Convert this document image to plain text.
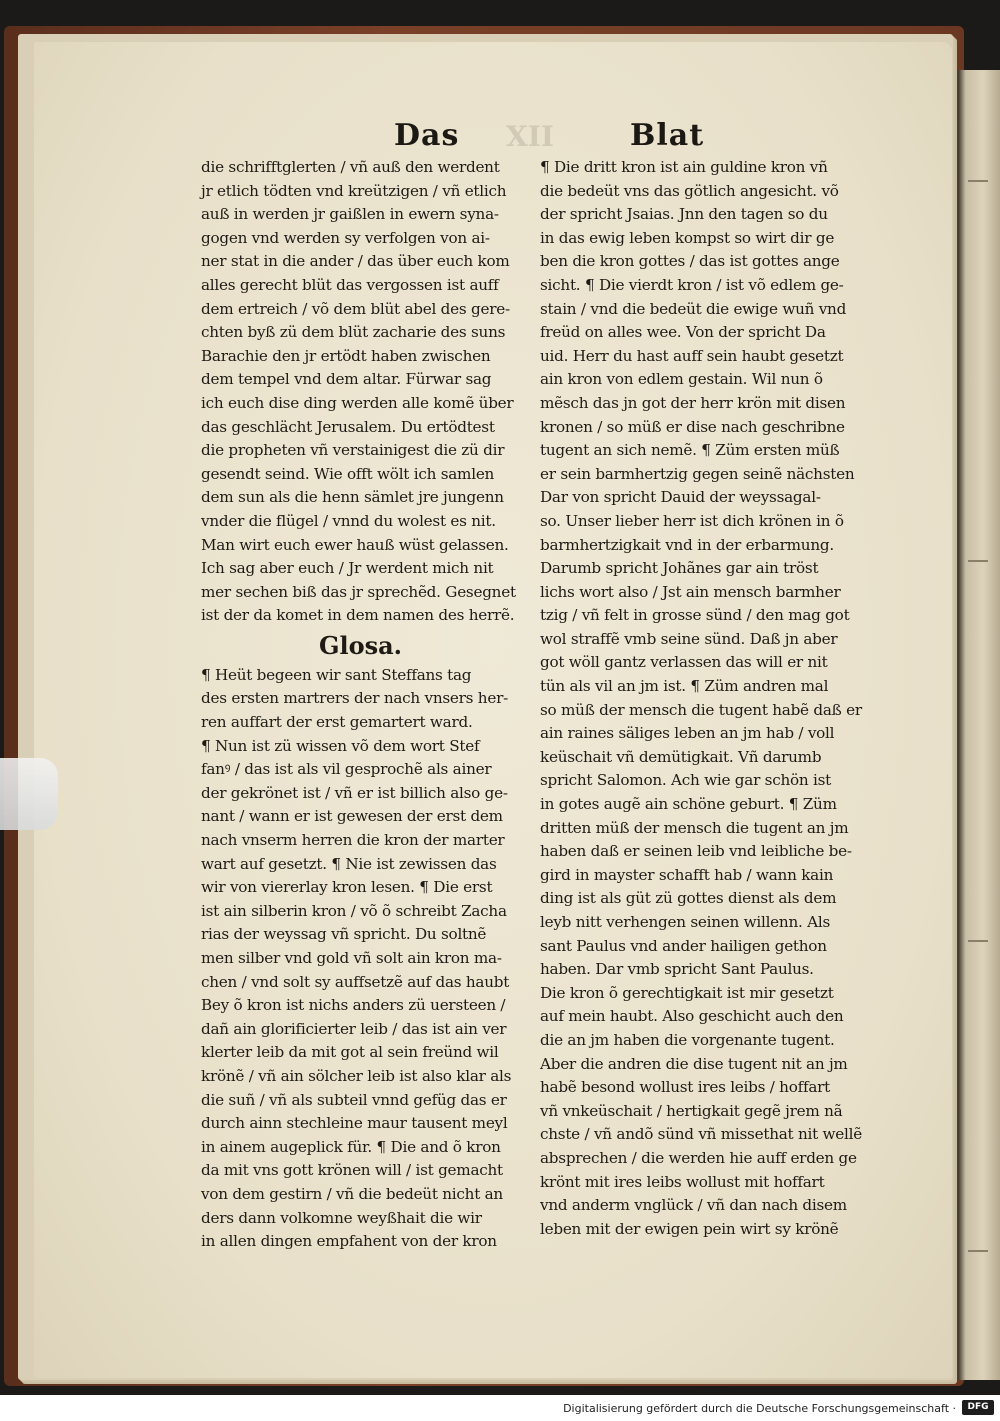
XII
Das	Blat
die schrifftglerten / vñ auß den werdent
jr etlich tödten vnd kreützigen / vñ etlich
auß in werden jr gaißlen in ewern syna-
gogen vnd werden sy verfolgen von ai-
ner stat in die ander / das über euch kom
alles gerecht blüt das vergossen ist auff
dem ertreich / võ dem blüt abel des gere-
chten byß zü dem blüt zacharie des suns
Barachie den jr ertödt haben zwischen
dem tempel vnd dem altar. Fürwar sag
ich euch dise ding werden alle komẽ über
das geschlächt Jerusalem. Du ertödtest
die propheten vñ verstainigest die zü dir
gesendt seind. Wie offt wölt ich samlen
dem sun als die henn sämlet jre jungenn
vnder die flügel / vnnd du wolest es nit.
Man wirt euch ewer hauß wüst gelassen.
Ich sag aber euch / Jr werdent mich nit
mer sechen biß das jr sprechẽd. Gesegnet
ist der da komet in dem namen des herrẽ.
Glosa.
¶ Heüt begeen wir sant Steffans tag
des ersten martrers der nach vnsers her-
ren auffart der erst gemartert ward.
¶ Nun ist zü wissen võ dem wort Stef
fanꝰ / das ist als vil gesprochẽ als ainer
der gekrönet ist / vñ er ist billich also ge-
nant / wann er ist gewesen der erst dem
nach vnserm herren die kron der marter
wart auf gesetzt. ¶ Nie ist zewissen das
wir von viererlay kron lesen. ¶ Die erst
ist ain silberin kron / võ õ schreibt Zacha
rias der weyssag vñ spricht. Du soltnẽ
men silber vnd gold vñ solt ain kron ma-
chen / vnd solt sy auffsetzẽ auf das haubt
Bey õ kron ist nichs anders zü uersteen /
dañ ain glorificierter leib / das ist ain ver
klerter leib da mit got al sein freünd wil
krönẽ / vñ ain sölcher leib ist also klar als
die suñ / vñ als subteil vnnd gefüg das er
durch ainn stechleine maur tausent meyl
in ainem augeplick für. ¶ Die and õ kron
da mit vns gott krönen will / ist gemacht
von dem gestirn / vñ die bedeüt nicht an
ders dann volkomne weyßhait die wir
in allen dingen empfahent von der kron
¶ Die dritt kron ist ain guldine kron vñ
die bedeüt vns das götlich angesicht. võ
der spricht Jsaias. Jnn den tagen so du
in das ewig leben kompst so wirt dir ge
ben die kron gottes / das ist gottes ange
sicht. ¶ Die vierdt kron / ist võ edlem ge-
stain / vnd die bedeüt die ewige wuñ vnd
freüd on alles wee. Von der spricht Da
uid. Herr du hast auff sein haubt gesetzt
ain kron von edlem gestain. Wil nun õ
mẽsch das jn got der herr krön mit disen
kronen / so müß er dise nach geschribne
tugent an sich nemẽ. ¶ Züm ersten müß
er sein barmhertzig gegen seinẽ nächsten
Dar von spricht Dauid der weyssagal-
so. Unser lieber herr ist dich krönen in õ
barmhertzigkait vnd in der erbarmung.
Darumb spricht Johãnes gar ain tröst
lichs wort also / Jst ain mensch barmher
tzig / vñ felt in grosse sünd / den mag got
wol straffẽ vmb seine sünd. Daß jn aber
got wöll gantz verlassen das will er nit
tün als vil an jm ist. ¶ Züm andren mal
so müß der mensch die tugent habẽ daß er
ain raines säliges leben an jm hab / voll
keüschait vñ demütigkait. Vñ darumb
spricht Salomon. Ach wie gar schön ist
in gotes augẽ ain schöne geburt. ¶ Züm
dritten müß der mensch die tugent an jm
haben daß er seinen leib vnd leibliche be-
gird in mayster schafft hab / wann kain
ding ist als güt zü gottes dienst als dem
leyb nitt verhengen seinen willenn. Als
sant Paulus vnd ander hailigen gethon
haben. Dar vmb spricht Sant Paulus.
Die kron õ gerechtigkait ist mir gesetzt
auf mein haubt. Also geschicht auch den
die an jm haben die vorgenante tugent.
Aber die andren die dise tugent nit an jm
habẽ besond wollust ires leibs / hoffart
vñ vnkeüschait / hertigkait gegẽ jrem nã
chste / vñ andõ sünd vñ missethat nit wellẽ
absprechen / die werden hie auff erden ge
krönt mit ires leibs wollust mit hoffart
vnd anderm vnglück / vñ dan nach disem
leben mit der ewigen pein wirt sy krönẽ
Digitalisierung gefördert durch die Deutsche Forschungsgemeinschaft ·	DFG
